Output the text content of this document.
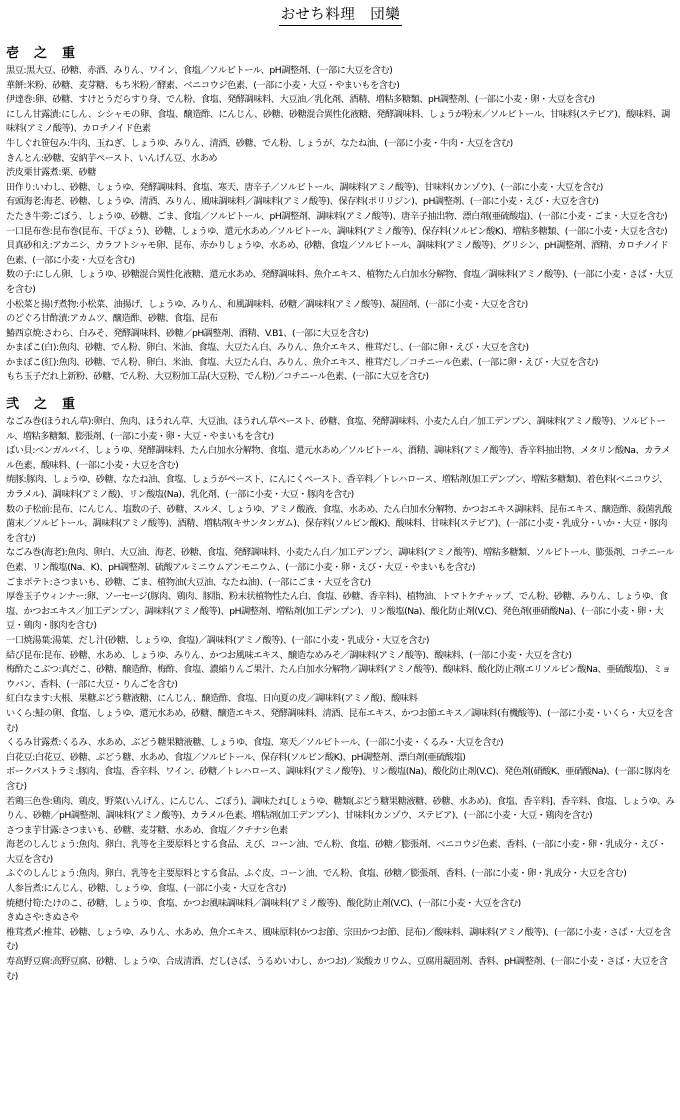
おせち料理　団欒
壱　之　重

黒豆:黒大豆、砂糖、赤酒、みりん、ワイン、食塩／ソルビトール、pH調整剤、(一部に大豆を含む)

華餅:米粉、砂糖、麦芽糖、もち米粉／酵素、ベニコウジ色素、(一部に小麦・大豆・やまいもを含む)

伊達巻:卵、砂糖、すけとうだらすり身、でん粉、食塩、発酵調味料、大豆油／乳化剤、酒精、増粘多糖類、pH調整剤、(一部に小麦・卵・大豆を含む)

にしん甘露漬:にしん、シシャモの卵、食塩、醸造酢、にんじん、砂糖、砂糖混合異性化液糖、発酵調味料、しょうが粉末／ソルビトール、甘味料(ステビア)、酸味料、調味料(アミノ酸等)、カロチノイド色素

牛しぐれ笹包み:牛肉、玉ねぎ、しょうゆ、みりん、清酒、砂糖、でん粉、しょうが、なたね油、(一部に小麦・牛肉・大豆を含む)

きんとん:砂糖、安納芋ペースト、いんげん豆、水あめ

渋皮栗甘露煮:栗、砂糖

田作り:いわし、砂糖、しょうゆ、発酵調味料、食塩、寒天、唐辛子／ソルビトール、調味料(アミノ酸等)、甘味料(カンゾウ)、(一部に小麦・大豆を含む)

有頭海老:海老、砂糖、しょうゆ、清酒、みりん、風味調味料／調味料(アミノ酸等)、保存料(ポリリジン)、pH調整剤、(一部に小麦・えび・大豆を含む)

たたき牛蒡:ごぼう、しょうゆ、砂糖、ごま、食塩／ソルビトール、pH調整剤、調味料(アミノ酸等)、唐辛子抽出物、漂白剤(亜硫酸塩)、(一部に小麦・ごま・大豆を含む)

一口昆布巻:昆布巻(昆布、干ぴょう)、砂糖、しょうゆ、還元水あめ／ソルビトール、調味料(アミノ酸等)、保存料(ソルビン酸K)、増粘多糖類、(一部に小麦・大豆を含む)

貝真砂和え:アカニシ、カラフトシャモ卵、昆布、赤かりしょうゆ、水あめ、砂糖、食塩／ソルビトール、調味料(アミノ酸等)、グリシン、pH調整剤、酒精、カロチノイド色素、(一部に小麦・大豆を含む)

数の子:にしん卵、しょうゆ、砂糖混合異性化液糖、還元水あめ、発酵調味料、魚介エキス、植物たん白加水分解物、食塩／調味料(アミノ酸等)、(一部に小麦・さば・大豆を含む)

小松菜と揚げ煮物:小松菜、油揚げ、しょうゆ、みりん、和風調味料、砂糖／調味料(アミノ酸等)、凝固剤、(一部に小麦・大豆を含む)

のどぐろ甘酢漬:アカムツ、醸造酢、砂糖、食塩、昆布

鰆西京焼:さわら、白みそ、発酵調味料、砂糖／pH調整剤、酒精、V.B1、(一部に大豆を含む)

かまぼこ(白):魚肉、砂糖、でん粉、卵白、米油、食塩、大豆たん白、みりん、魚介エキス、椎茸だし、(一部に卵・えび・大豆を含む)

かまぼこ(紅):魚肉、砂糖、でん粉、卵白、米油、食塩、大豆たん白、みりん、魚介エキス、椎茸だし／コチニール色素、(一部に卵・えび・大豆を含む)

もち玉子だれ上新粉、砂糖、でん粉、大豆粉加工品(大豆粉、でん粉)／コチニール色素、(一部に大豆を含む)

弐　之　重

なごみ巻(ほうれん草):卵白、魚肉、ほうれん草、大豆油、ほうれん草ペースト、砂糖、食塩、発酵調味料、小麦たん白／加工デンプン、調味料(アミノ酸等)、ソルビトール、増粘多糖類、膨張剤、(一部に小麦・卵・大豆・やまいもを含む)

ばい貝:ベンガルバイ、しょうゆ、発酵調味料、たん白加水分解物、食塩、還元水あめ／ソルビトール、酒精、調味料(アミノ酸等)、香辛料抽出物、メタリン酸Na、カラメル色素、酸味料、(一部に小麦・大豆を含む)

焼豚:豚肉、しょうゆ、砂糖、なたね油、食塩、しょうがペースト、にんにくペースト、香辛料／トレハロース、増粘剤(加工デンプン、増粘多糖類)、着色料(ベニコウジ、カラメル)、調味料(アミノ酸)、リン酸塩(Na)、乳化剤、(一部に小麦・大豆・豚肉を含む)

数の子松前:昆布、にんじん、塩数の子、砂糖、スルメ、しょうゆ、アミノ酸液、食塩、水あめ、たん白加水分解物、かつおエキス調味料、昆布エキス、醸造酢、殺菌乳酸菌末／ソルビトール、調味料(アミノ酸等)、酒精、増粘剤(キサンタンガム)、保存料(ソルビン酸K)、酸味料、甘味料(ステビア)、(一部に小麦・乳成分・いか・大豆・豚肉を含む)

なごみ巻(海老):魚肉、卵白、大豆油、海老、砂糖、食塩、発酵調味料、小麦たん白／加工デンプン、調味料(アミノ酸等)、増粘多糖類、ソルビトール、膨張剤、コチニール色素、リン酸塩(Na、K)、pH調整剤、硫酸アルミニウムアンモニウム、(一部に小麦・卵・えび・大豆・やまいもを含む)

ごまポテト:さつまいも、砂糖、ごま、植物油(大豆油、なたね油)、(一部にごま・大豆を含む)

厚巻玉子ウィンナー:卵、ソーセージ(豚肉、鶏肉、豚脂、粉末状植物性たん白、食塩、砂糖、香辛料)、植物油、トマトケチャップ、でん粉、砂糖、みりん、しょうゆ、食塩、かつおエキス／加工デンプン、調味料(アミノ酸等)、pH調整剤、増粘剤(加工デンプン)、リン酸塩(Na)、酸化防止剤(V.C)、発色剤(亜硝酸Na)、(一部に小麦・卵・大豆・鶏肉・豚肉を含む)

一口焼湯葉:湯葉、だし汁(砂糖、しょうゆ、食塩)／調味料(アミノ酸等)、(一部に小麦・乳成分・大豆を含む)

結び昆布:昆布、砂糖、水あめ、しょうゆ、みりん、かつお風味エキス、醸造なめみそ／調味料(アミノ酸等)、酸味料、(一部に小麦・大豆を含む)

梅酢たこぶつ:真だこ、砂糖、醸造酢、梅酢、食塩、濃縮りんご果汁、たん白加水分解物／調味料(アミノ酸等)、酸味料、酸化防止剤(エリソルビン酸Na、亜硫酸塩)、ミョウバン、香料、(一部に大豆・りんごを含む)

紅白なます:大根、果糖ぶどう糖液糖、にんじん、醸造酢、食塩、日向夏の皮／調味料(アミノ酸)、酸味料

いくら:鮭の卵、食塩、しょうゆ、還元水あめ、砂糖、醸造エキス、発酵調味料、清酒、昆布エキス、かつお節エキス／調味料(有機酸等)、(一部に小麦・いくら・大豆を含む)

くるみ甘露煮:くるみ、水あめ、ぶどう糖果糖液糖、しょうゆ、食塩、寒天／ソルビトール、(一部に小麦・くるみ・大豆を含む)

白花豆:白花豆、砂糖、ぶどう糖、水あめ、食塩／ソルビトール、保存料(ソルビン酸K)、pH調整剤、漂白剤(亜硫酸塩)

ボークパストラミ:豚肉、食塩、香辛料、ワイン、砂糖／トレハロース、調味料(アミノ酸等)、リン酸塩(Na)、酸化防止剤(V.C)、発色剤(硝酸K、亜硝酸Na)、(一部に豚肉を含む)

若鶏三色巻:鶏肉、鶏皮、野菜(いんげん、にんじん、ごぼう)、調味たれ[しょうゆ、糖類(ぶどう糖果糖液糖、砂糖、水あめ)、食塩、香辛料]、香辛料、食塩、しょうゆ、みりん、砂糖／pH調整剤、調味料(アミノ酸等)、カラメル色素、増粘剤(加工デンプン)、甘味料(カンゾウ、ステビア)、(一部に小麦・大豆・鶏肉を含む)

さつま芋甘露:さつまいも、砂糖、麦芽糖、水あめ、食塩／クチナシ色素

海老のしんじょう:魚肉、卵白、乳等を主要原料とする食品、えび、コーン油、でん粉、食塩、砂糖／膨張剤、ベニコウジ色素、香料、(一部に小麦・卵・乳成分・えび・大豆を含む)

ふぐのしんじょう:魚肉、卵白、乳等を主要原料とする食品、ふぐ皮、コーン油、でん粉、食塩、砂糖／膨張剤、香料、(一部に小麦・卵・乳成分・大豆を含む)

人参旨煮:にんじん、砂糖、しょうゆ、食塩、(一部に小麦・大豆を含む)

焼穂付筍:たけのこ、砂糖、しょうゆ、食塩、かつお風味調味料／調味料(アミノ酸等)、酸化防止剤(V.C)、(一部に小麦・大豆を含む)

きぬさや:きぬさや

椎茸煮〆:椎茸、砂糖、しょうゆ、みりん、水あめ、魚介エキス、風味原料(かつお節、宗田かつお節、昆布)／酸味料、調味料(アミノ酸等)、(一部に小麦・さば・大豆を含む)

寿高野豆腐:高野豆腐、砂糖、しょうゆ、合成清酒、だし(さば、うるめいわし、かつお)／炭酸カリウム、豆腐用凝固剤、香料、pH調整剤、(一部に小麦・さば・大豆を含む)
